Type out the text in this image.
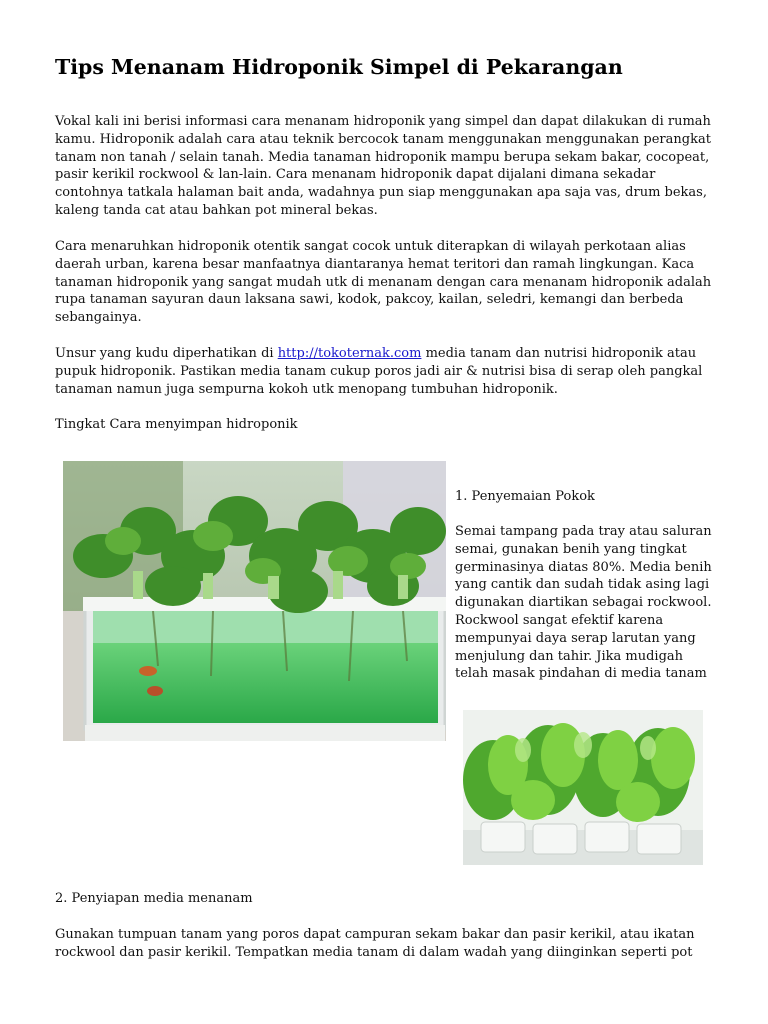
Tips Menanam Hidroponik Simpel di Pekarangan

Vokal kali ini berisi informasi cara menanam hidroponik yang simpel dan dapat dilakukan di rumah
kamu. Hidroponik adalah cara atau teknik bercocok tanam menggunakan menggunakan perangkat
tanam non tanah / selain tanah. Media tanaman hidroponik mampu berupa sekam bakar, cocopeat,
pasir kerikil rockwool & lan-lain. Cara menanam hidroponik dapat dijalani dimana sekadar
contohnya tatkala halaman bait anda, wadahnya pun siap menggunakan apa saja vas, drum bekas,
kaleng tanda cat atau bahkan pot mineral bekas.

Cara menaruhkan hidroponik otentik sangat cocok untuk diterapkan di wilayah perkotaan alias
daerah urban, karena besar manfaatnya diantaranya hemat teritori dan ramah lingkungan. Kaca
tanaman hidroponik yang sangat mudah utk di menanam dengan cara menanam hidroponik adalah
rupa tanaman sayuran daun laksana sawi, kodok, pakcoy, kailan, seledri, kemangi dan berbeda
sebangainya.

Unsur yang kudu diperhatikan di http://tokoternak.com media tanam dan nutrisi hidroponik atau
pupuk hidroponik. Pastikan media tanam cukup poros jadi air & nutrisi bisa di serap oleh pangkal
tanaman namun juga sempurna kokoh utk menopang tumbuhan hidroponik.

Tingkat Cara menyimpan hidroponik

1. Penyemaian Pokok

Semai tampang pada tray atau saluran
semai, gunakan benih yang tingkat
germinasinya diatas 80%. Media benih
yang cantik dan sudah tidak asing lagi
digunakan diartikan sebagai rockwool.
Rockwool sangat efektif karena
mempunyai daya serap larutan yang
menjulung dan tahir. Jika mudigah
telah masak pindahan di media tanam

2. Penyiapan media menanam

Gunakan tumpuan tanam yang poros dapat campuran sekam bakar dan pasir kerikil, atau ikatan
rockwool dan pasir kerikil. Tempatkan media tanam di dalam wadah yang diinginkan seperti pot
